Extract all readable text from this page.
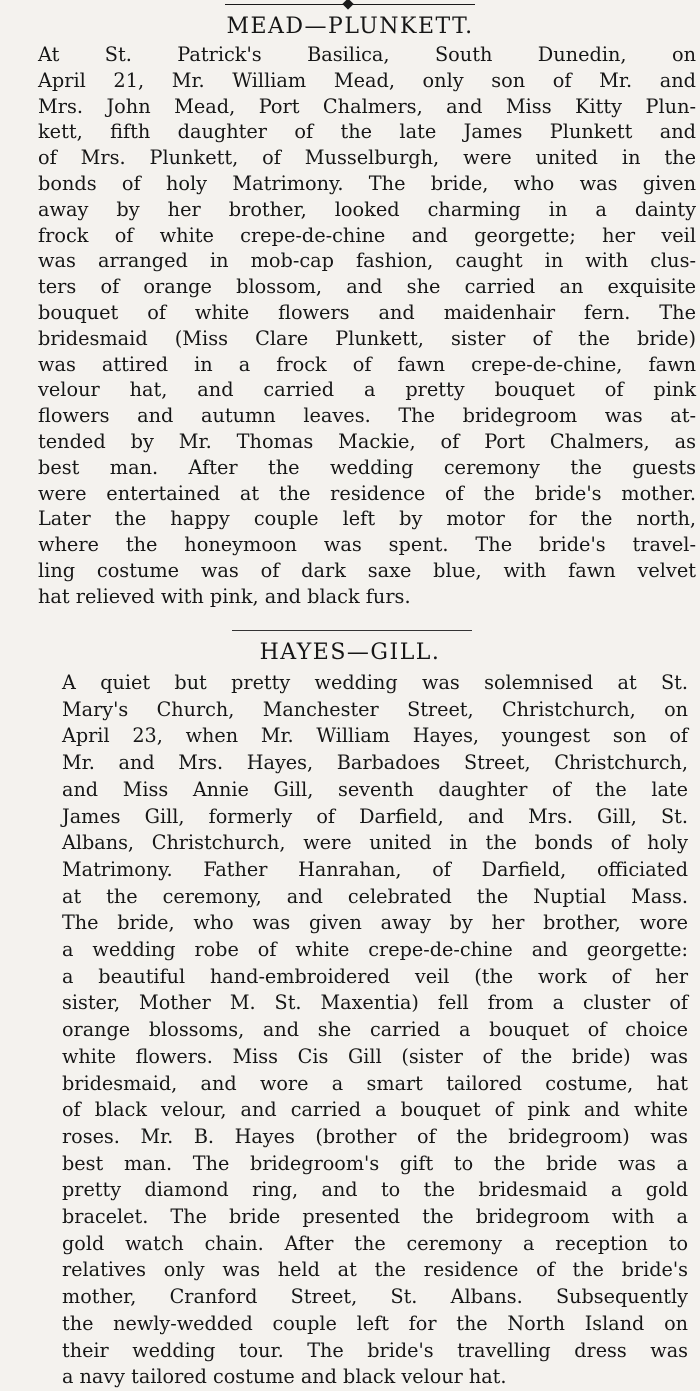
MEAD—PLUNKETT.

At St. Patrick's Basilica, South Dunedin, on
April 21, Mr. William Mead, only son of Mr. and
Mrs. John Mead, Port Chalmers, and Miss Kitty Plun-
kett, fifth daughter of the late James Plunkett and
of Mrs. Plunkett, of Musselburgh, were united in the
bonds of holy Matrimony. The bride, who was given
away by her brother, looked charming in a dainty
frock of white crepe-de-chine and georgette; her veil
was arranged in mob-cap fashion, caught in with clus-
ters of orange blossom, and she carried an exquisite
bouquet of white flowers and maidenhair fern. The
bridesmaid (Miss Clare Plunkett, sister of the bride)
was attired in a frock of fawn crepe-de-chine, fawn
velour hat, and carried a pretty bouquet of pink
flowers and autumn leaves. The bridegroom was at-
tended by Mr. Thomas Mackie, of Port Chalmers, as
best man. After the wedding ceremony the guests
were entertained at the residence of the bride's mother.
Later the happy couple left by motor for the north,
where the honeymoon was spent. The bride's travel-
ling costume was of dark saxe blue, with fawn velvet
hat relieved with pink, and black furs.

HAYES—GILL.

A quiet but pretty wedding was solemnised at St.
Mary's Church, Manchester Street, Christchurch, on
April 23, when Mr. William Hayes, youngest son of
Mr. and Mrs. Hayes, Barbadoes Street, Christchurch,
and Miss Annie Gill, seventh daughter of the late
James Gill, formerly of Darfield, and Mrs. Gill, St.
Albans, Christchurch, were united in the bonds of holy
Matrimony. Father Hanrahan, of Darfield, officiated
at the ceremony, and celebrated the Nuptial Mass.
The bride, who was given away by her brother, wore
a wedding robe of white crepe-de-chine and georgette:
a beautiful hand-embroidered veil (the work of her
sister, Mother M. St. Maxentia) fell from a cluster of
orange blossoms, and she carried a bouquet of choice
white flowers. Miss Cis Gill (sister of the bride) was
bridesmaid, and wore a smart tailored costume, hat
of black velour, and carried a bouquet of pink and white
roses. Mr. B. Hayes (brother of the bridegroom) was
best man. The bridegroom's gift to the bride was a
pretty diamond ring, and to the bridesmaid a gold
bracelet. The bride presented the bridegroom with a
gold watch chain. After the ceremony a reception to
relatives only was held at the residence of the bride's
mother, Cranford Street, St. Albans. Subsequently
the newly-wedded couple left for the North Island on
their wedding tour. The bride's travelling dress was
a navy tailored costume and black velour hat.
